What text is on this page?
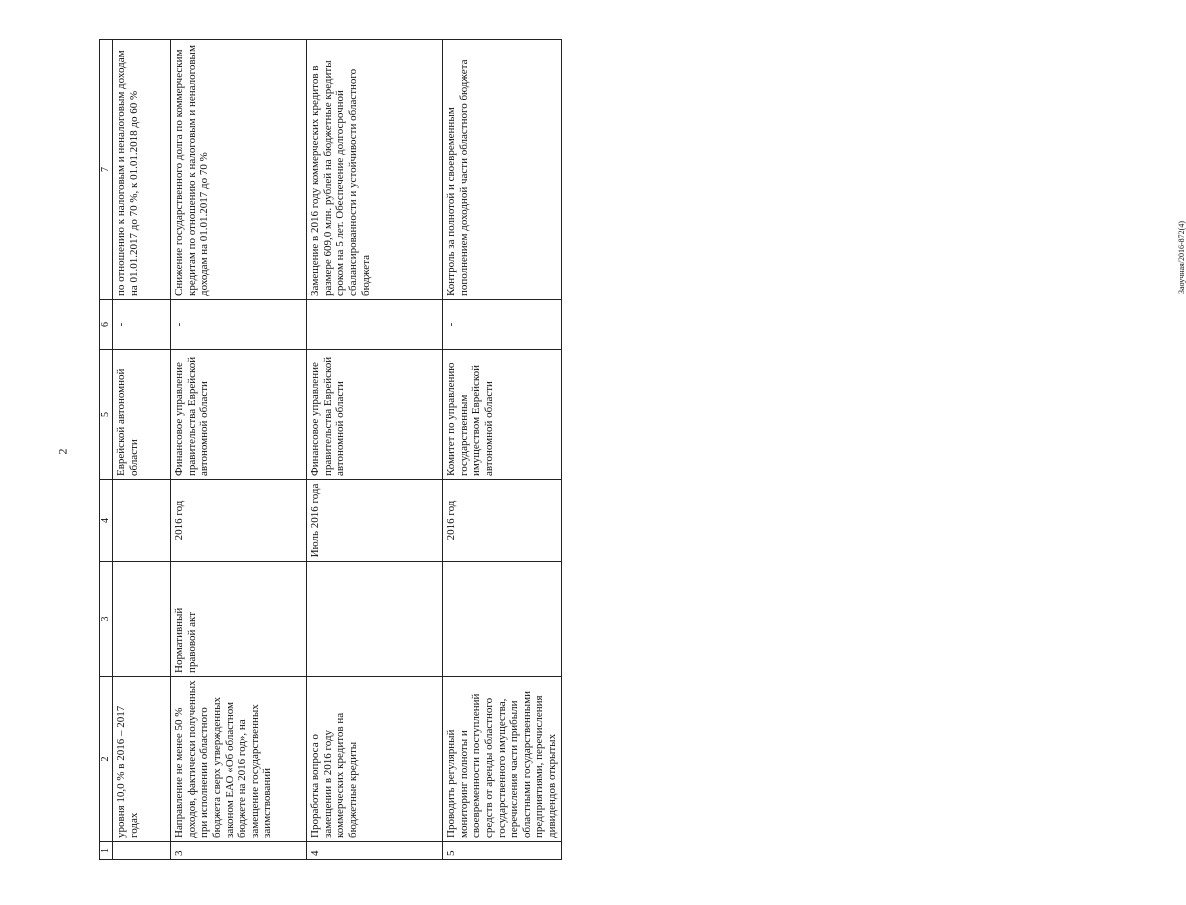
2
Заоучная/2016-872(4)
1	2	3	4	5	6	7
	уровня 10,0 % в 2016 – 2017 годах			Еврейской автономной области	-	по отношению к налоговым и неналоговым доходам на 01.01.2017 до 70 %, к 01.01.2018 до 60 %
3	Направление не менее 50 % доходов, фактически полученных при исполнении областного бюджета сверх утвержденных законом ЕАО «Об областном бюджете на 2016 год», на замещение государственных заимствований	Нормативный правовой акт	2016 год	Финансовое управление правительства Еврейской автономной области	-	Снижение государственного долга по коммерческим кредитам по отношению к налоговым и неналоговым доходам на 01.01.2017 до 70 %
4	Проработка вопроса о замещении в 2016 году коммерческих кредитов на бюджетные кредиты		Июль 2016 года	Финансовое управление правительства Еврейской автономной области		Замещение в 2016 году коммерческих кредитов в размере 609,0 млн. рублей на бюджетные кредиты сроком на 5 лет. Обеспечение долгосрочной сбалансированности и устойчивости областного бюджета
5	Проводить регулярный мониторинг полноты и своевременности поступлений средств от аренды областного государственного имущества, перечисления части прибыли областными государственными предприятиями, перечисления дивидендов открытых		2016 год	Комитет по управлению государственным имуществом Еврейской автономной области	-	Контроль за полнотой и своевременным пополнением доходной части областного бюджета
